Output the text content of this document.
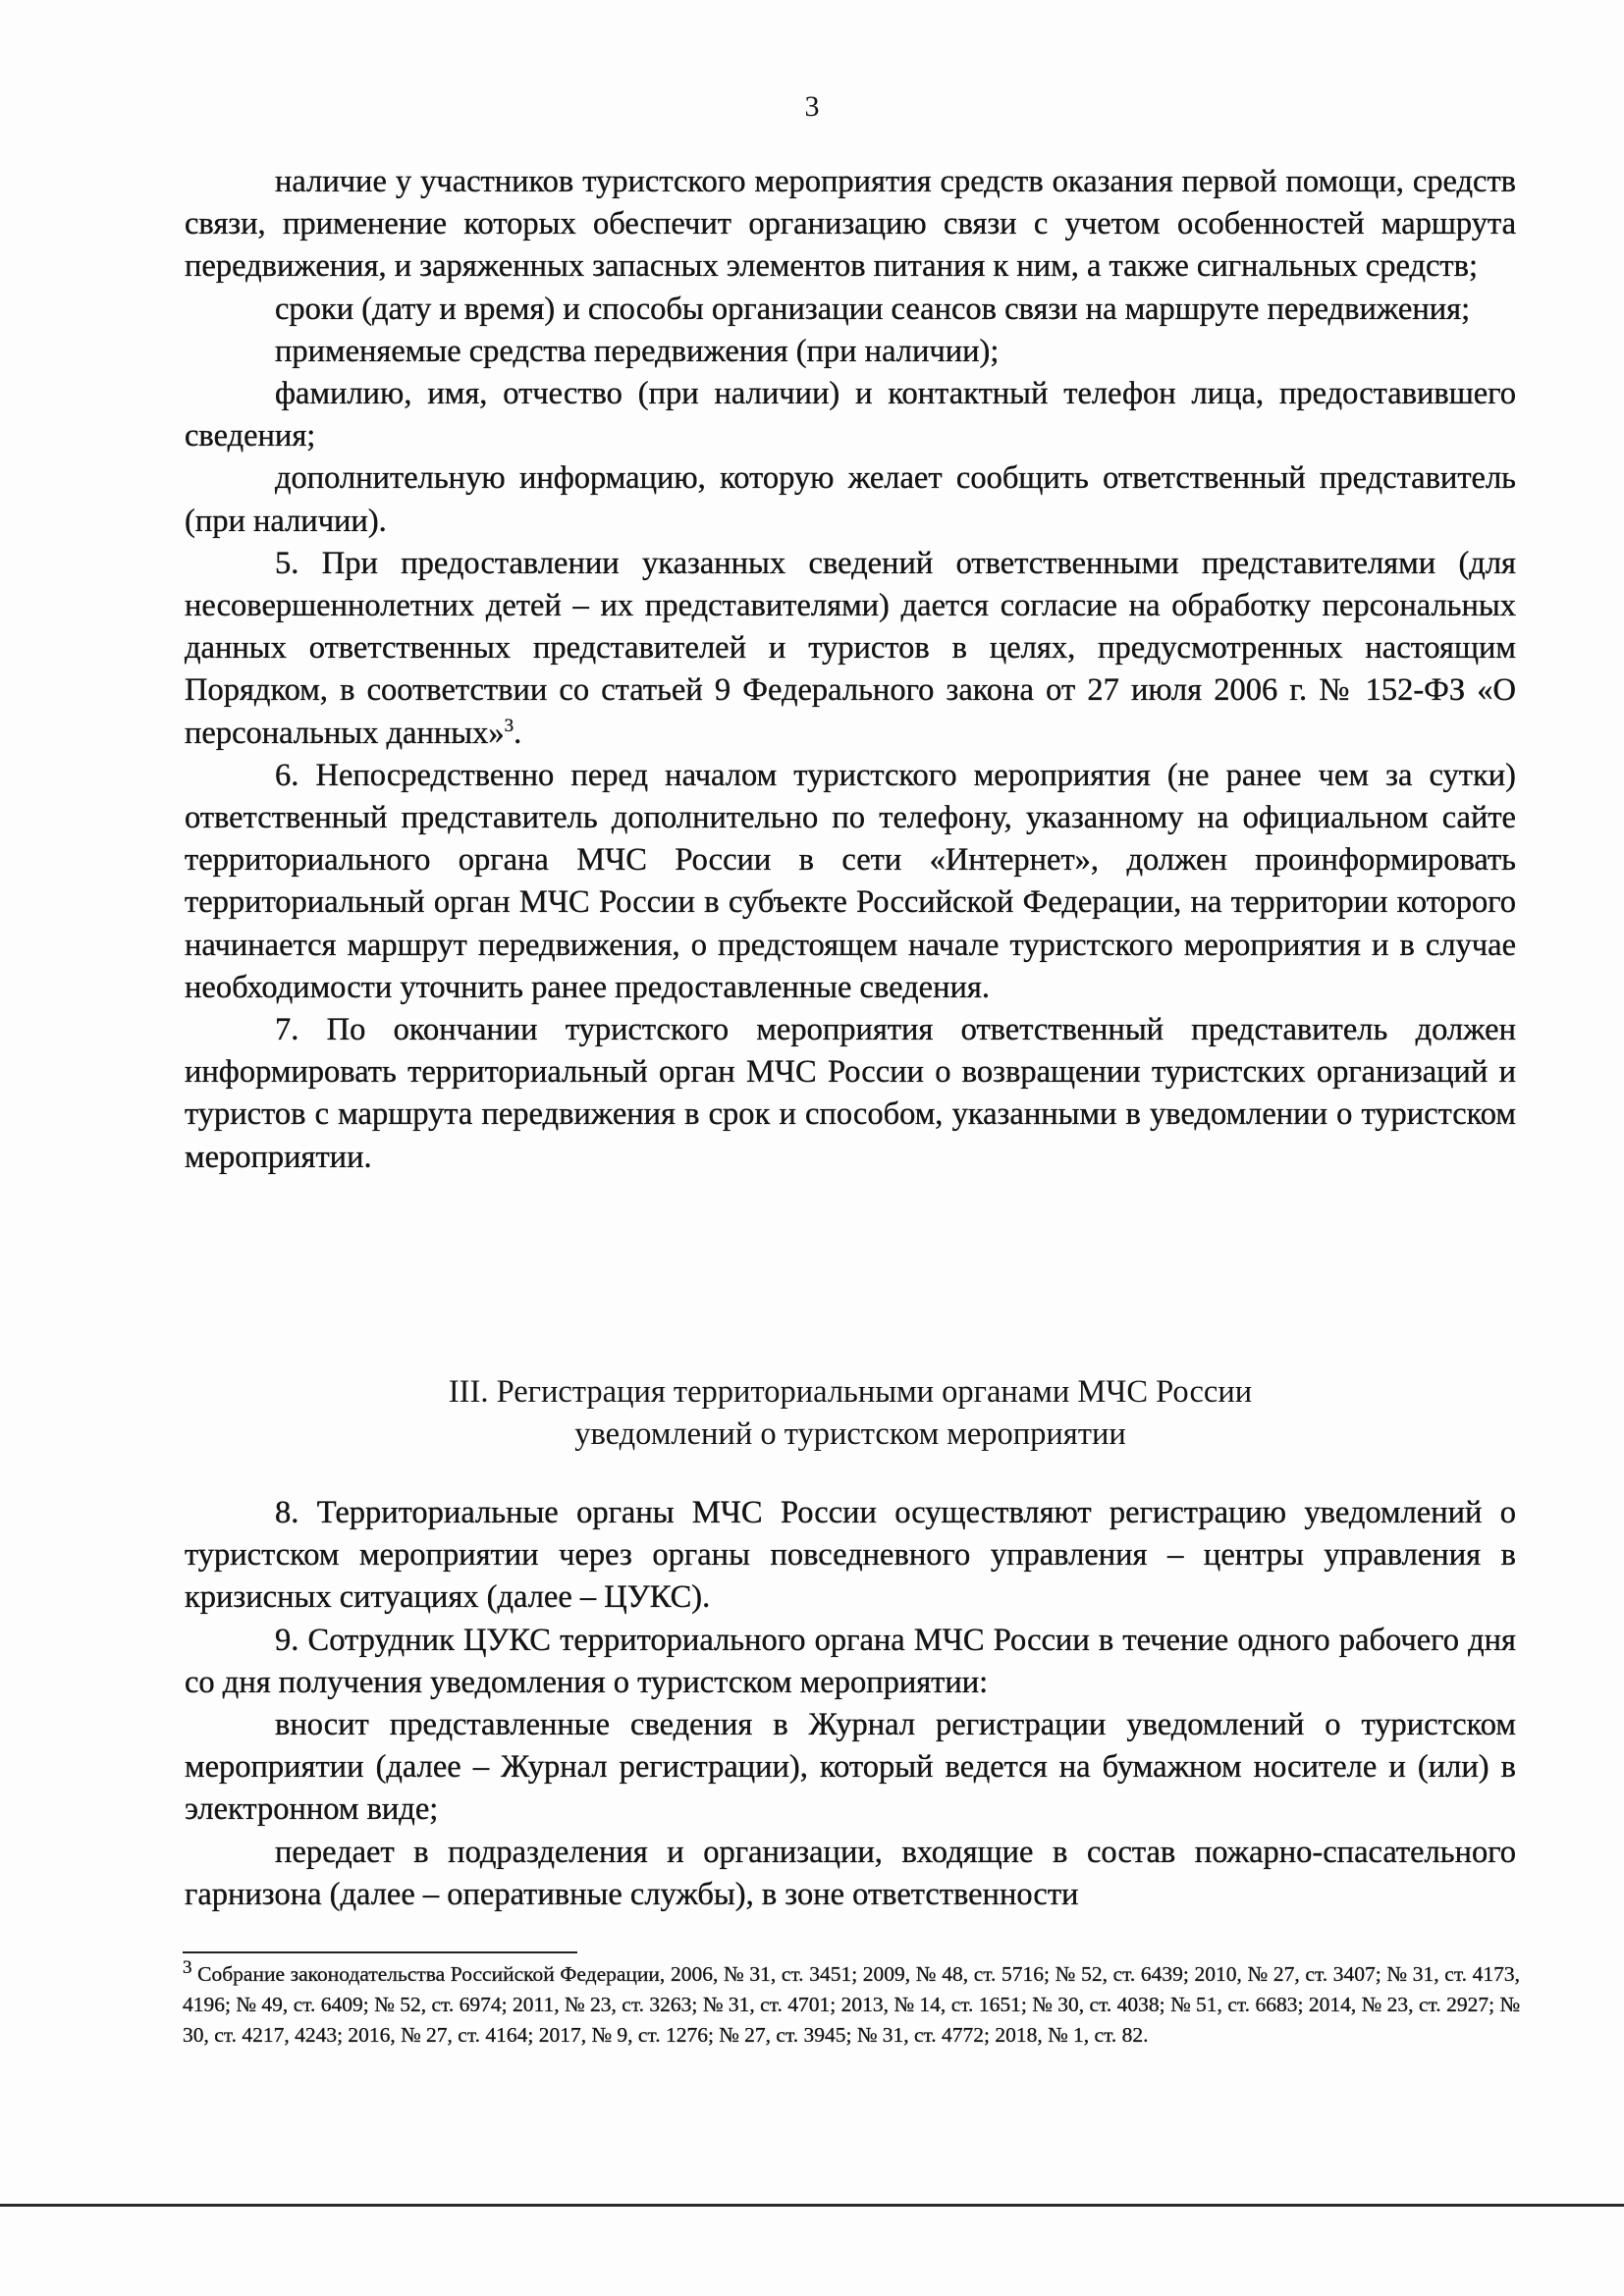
3

наличие у участников туристского мероприятия средств оказания первой помощи, средств связи, применение которых обеспечит организацию связи с учетом особенностей маршрута передвижения, и заряженных запасных элементов питания к ним, а также сигнальных средств;

сроки (дату и время) и способы организации сеансов связи на маршруте передвижения;

применяемые средства передвижения (при наличии);

фамилию, имя, отчество (при наличии) и контактный телефон лица, предоставившего сведения;

дополнительную информацию, которую желает сообщить ответственный представитель (при наличии).

5. При предоставлении указанных сведений ответственными представителями (для несовершеннолетних детей – их представителями) дается согласие на обработку персональных данных ответственных представителей и туристов в целях, предусмотренных настоящим Порядком, в соответствии со статьей 9 Федерального закона от 27 июля 2006 г. № 152-ФЗ «О персональных данных»$^3$.

6. Непосредственно перед началом туристского мероприятия (не ранее чем за сутки) ответственный представитель дополнительно по телефону, указанному на официальном сайте территориального органа МЧС России в сети «Интернет», должен проинформировать территориальный орган МЧС России в субъекте Российской Федерации, на территории которого начинается маршрут передвижения, о предстоящем начале туристского мероприятия и в случае необходимости уточнить ранее предоставленные сведения.

7. По окончании туристского мероприятия ответственный представитель должен информировать территориальный орган МЧС России о возвращении туристских организаций и туристов с маршрута передвижения в срок и способом, указанными в уведомлении о туристском мероприятии.

III. Регистрация территориальными органами МЧС России
уведомлений о туристском мероприятии

8. Территориальные органы МЧС России осуществляют регистрацию уведомлений о туристском мероприятии через органы повседневного управления – центры управления в кризисных ситуациях (далее – ЦУКС).

9. Сотрудник ЦУКС территориального органа МЧС России в течение одного рабочего дня со дня получения уведомления о туристском мероприятии:

вносит представленные сведения в Журнал регистрации уведомлений о туристском мероприятии (далее – Журнал регистрации), который ведется на бумажном носителе и (или) в электронном виде;

передает в подразделения и организации, входящие в состав пожарно-спасательного гарнизона (далее – оперативные службы), в зоне ответственности

$^3$ Собрание законодательства Российской Федерации, 2006, № 31, ст. 3451; 2009, № 48, ст. 5716; № 52, ст. 6439; 2010, № 27, ст. 3407; № 31, ст. 4173, 4196; № 49, ст. 6409; № 52, ст. 6974; 2011, № 23, ст. 3263; № 31, ст. 4701; 2013, № 14, ст. 1651; № 30, ст. 4038; № 51, ст. 6683; 2014, № 23, ст. 2927; № 30, ст. 4217, 4243; 2016, № 27, ст. 4164; 2017, № 9, ст. 1276; № 27, ст. 3945; № 31, ст. 4772; 2018, № 1, ст. 82.
